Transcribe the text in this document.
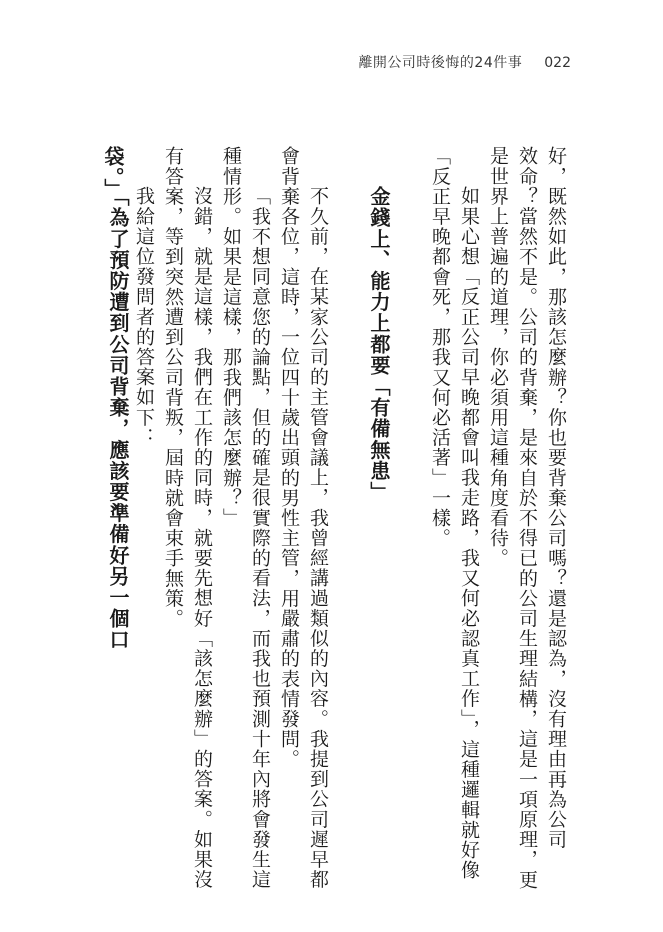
離開公司時後悔的24件事 022
好，既然如此，那該怎麼辦？你也要背棄公司嗎？還是認為，沒有理由再為公司
效命？當然不是。公司的背棄，是來自於不得已的公司生理結構，這是一項原理，更
是世界上普遍的道理，你必須用這種角度看待。
如果心想「反正公司早晚都會叫我走路，我又何必認真工作」，這種邏輯就好像
「反正早晚都會死，那我又何必活著」一樣。
金錢上、能力上都要「有備無患」
不久前，在某家公司的主管會議上，我曾經講過類似的內容。我提到公司遲早都
會背棄各位，這時，一位四十歲出頭的男性主管，用嚴肅的表情發問。
「我不想同意您的論點，但的確是很實際的看法，而我也預測十年內將會發生這
種情形。如果是這樣，那我們該怎麼辦？」
沒錯，就是這樣，我們在工作的同時，就要先想好「該怎麼辦」的答案。如果沒
有答案，等到突然遭到公司背叛，屆時就會束手無策。
我給這位發問者的答案如下：
「為了預防遭到公司背棄，應該要準備好另一個口
袋。」
